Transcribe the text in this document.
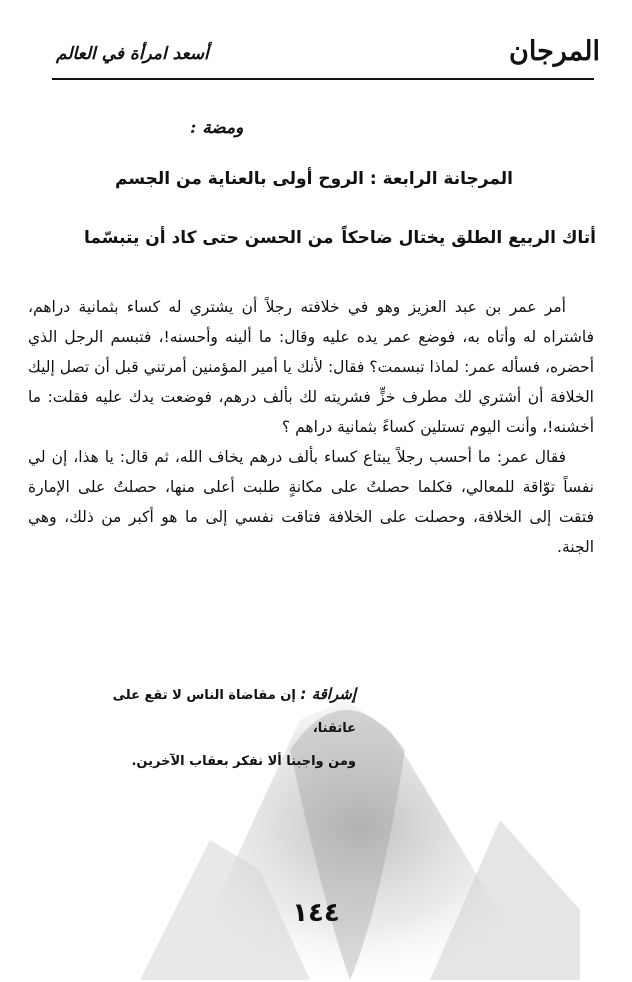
المرجان
أسعد امرأة في العالم
ومضة :
المرجانة الرابعة : الروح أولى بالعناية من الجسم
أتاك الربيع الطلق يختال ضاحكاً
من الحسن حتى كاد أن يتبسّما

أمر عمر بن عبد العزيز وهو في خلافته رجلاً أن يشتري له كساء بثمانية دراهم، فاشتراه له وأتاه به، فوضع عمر يده عليه وقال: ما ألينه وأحسنه!، فتبسم الرجل الذي أحضره، فسأله عمر: لماذا تبسمت؟ فقال: لأنك يا أمير المؤمنين أمرتني قبل أن تصل إليك الخلافة أن أشتري لك مطرف خزٍّ فشريته لك بألف درهم، فوضعت يدك عليه فقلت: ما أخشنه!، وأنت اليوم تستلين كساءً بثمانية دراهم ؟

فقال عمر: ما أحسب رجلاً يبتاع كساء بألف درهم يخاف الله، ثم قال: يا هذا، إن لي نفساً توّاقة للمعالي، فكلما حصلتُ على مكانةٍ طلبت أعلى منها، حصلتُ على الإمارة فتقت إلى الخلافة، وحصلت على الخلافة فتاقت نفسي إلى ما هو أكبر من ذلك، وهي الجنة.

إشراقة : إن مقاضاة الناس لا تقع على عاتقنا،
ومن واجبنا ألا نفكر بعقاب الآخرين.
١٤٤
